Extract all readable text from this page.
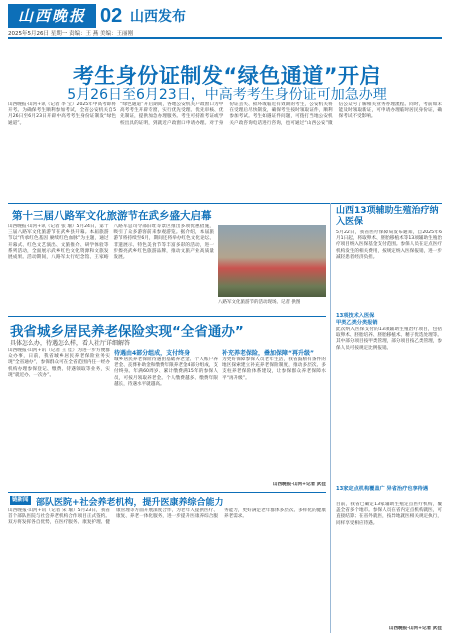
山西晚报 02 山西发布
2025年5月26日 星期一 责编：王 燕 美编：王丽刚
考生身份证制发“绿色通道”开启
5月26日至6月23日，中高考考生身份证可加急办理
山西晚报·山河+讯（记者 李 宝）2025年中高考即将开考。为确保考生顺利参加考试，全省公安机关自5月26日至6月23日开辟中高考考生身份证制发“绿色通道”。
“绿色通道”开启期间，各地公安机关户政窗口为中高考考生开辟专窗，实行优先受理、优先审核、优先制证，提供加急办理服务。考生可持准考证或学校出具的证明，到就近户政窗口申请办理。对于身份证丢失、损坏或临近有效期的考生，公安机关将在受理后尽快制发，确保考生按时领取证件，顺利参加考试。考生如遇证件问题，可拨打当地公安机关户政咨询电话进行咨询，也可通过“山西公安”微信公众号了解相关业务办理流程。同时，考前如未能及时领取新证，可申请办理临时居民身份证，确保考试不受影响。
第十三届八路军文化旅游节在武乡盛大启幕
山西晚报·山河+讯（记者 张 瑜）5月24日，第十三届八路军文化旅游节在武乡县开幕。本届旅游节以“传承红色基因 赓续红色血脉”为主题，通过开幕式、红色文艺演出、文旅推介、研学体验等系列活动，全面展示武乡红色文化资源和文旅发展成果。活动期间，八路军太行纪念馆、王家峪八路军总司令部旧址等景区推出多项优惠措施，吸引了众多游客前来参观游览。据介绍，本届旅游节将持续至6月，期间还将举办红色文化论坛、非遗展示、特色美食节等丰富多彩的活动，进一步擦亮武乡红色旅游品牌，推动文旅产业高质量发展。
八路军文化旅游节的活动现场。记者 供图
我省城乡居民养老保险实现“全省通办”
具体怎么办，待遇怎么样，看人社厅详细解答
山西晚报·山河+讯（记者 王 佳）为进一步方便群众办事，日前，我省城乡居民养老保险业务实现“全省通办”，参保群众可在全省范围内任一经办机构办理参保登记、缴费、待遇领取等业务，实现“就近办、一次办”。
待遇由4部分组成，支付终身
城乡居民养老保险待遇由基础养老金、个人账户养老金、丧葬补助金和缴费年限养老金4部分组成，支付终身。年满60周岁、累计缴费满15年的参保人员，可按月领取养老金。个人缴费越多、缴费年限越长，待遇水平就越高。
补充养老保险，叠加保障“再升级”
为更好保障参保人员老年生活，我省鼓励有条件的地区探索建立补充养老保险制度，推动多层次、多支柱养老保险体系建设，让参保群众养老保障水平“再升级”。
山西晚报·山河+记者 武佳
链新闻 部队医院+社会养老机构，提升医康养综合能力
山西晚报·山河+讯（记者 宋 瑜）5月23日，我省首个部队医院与社会养老机构合作项目正式签约。双方将发挥各自优势，在医疗服务、康复护理、健康管理等方面开展深度合作，为老年人提供医疗、康复、养老一体化服务，进一步提升医康养综合服务能力，更好满足老年群体多层次、多样化的健康养老需求。
山西13项辅助生殖治疗纳入医保
5月22日，我省医疗保障局发布通知，自2025年6月1日起，将取卵术、胚胎移植术等13项辅助生殖治疗项目纳入医保基金支付范围。参保人员在定点医疗机构发生的相关费用，按规定纳入医保报销，进一步减轻患者经济负担。
13项技术入医保
甲类乙类分类报销
此次纳入医保支付的13项辅助生殖治疗项目，包括取卵术、胚胎培养、胚胎移植术、精子优选处理等。其中部分项目按甲类管理，部分项目按乙类管理，参保人员可按规定比例报销。
13家定点机构覆盖广 异省治疗也享待遇
目前，我省已确定13家辅助生殖定点医疗机构，覆盖全省多个地市。参保人员在省内定点机构就医，可直接结算；在省外就医，按异地就医相关规定执行，同样享受相应待遇。
山西晚报·山河+记者 武佳
